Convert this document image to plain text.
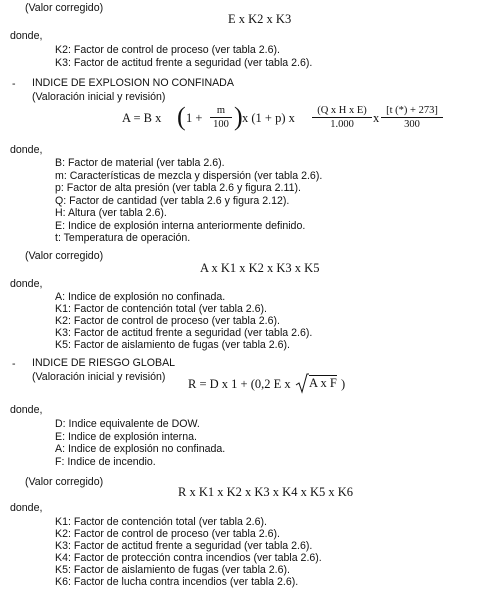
(Valor corregido)
E x K2 x K3
donde,
K2: Factor de control de proceso (ver tabla 2.6).
K3: Factor de actitud frente a seguridad (ver tabla 2.6).
- INDICE DE EXPLOSION NO CONFINADA
(Valoración inicial y revisión)
A = B x ( $1 + \frac{m}{100}$ ) x (1 + p) x $\frac{\text{(Q x H x E)}}{1.000}$ x $\frac{[t (*) + 273]}{300}$
donde,
B: Factor de material (ver tabla 2.6).
m: Características de mezcla y dispersión (ver tabla 2.6).
p: Factor de alta presión (ver tabla 2.6 y figura 2.11).
Q: Factor de cantidad (ver tabla 2.6 y figura 2.12).
H: Altura (ver tabla 2.6).
E: Indice de explosión interna anteriormente definido.
t: Temperatura de operación.
(Valor corregido)
A x K1 x K2 x K3 x K5
donde,
A: Indice de explosión no confinada.
K1: Factor de contención total (ver tabla 2.6).
K2: Factor de control de proceso (ver tabla 2.6).
K3: Factor de actitud frente a seguridad (ver tabla 2.6).
K5: Factor de aislamiento de fugas (ver tabla 2.6).
- INDICE DE RIESGO GLOBAL
(Valoración inicial y revisión) R = D x 1 + (0,2 E x A x F )
donde,
D: Indice equivalente de DOW.
E: Indice de explosión interna.
A: Indice de explosión no confinada.
F: Indice de incendio.
(Valor corregido)
R x K1 x K2 x K3 x K4 x K5 x K6
donde,
K1: Factor de contención total (ver tabla 2.6).
K2: Factor de control de proceso (ver tabla 2.6).
K3: Factor de actitud frente a seguridad (ver tabla 2.6).
K4: Factor de protección contra incendios (ver tabla 2.6).
K5: Factor de aislamiento de fugas (ver tabla 2.6).
K6: Factor de lucha contra incendios (ver tabla 2.6).
